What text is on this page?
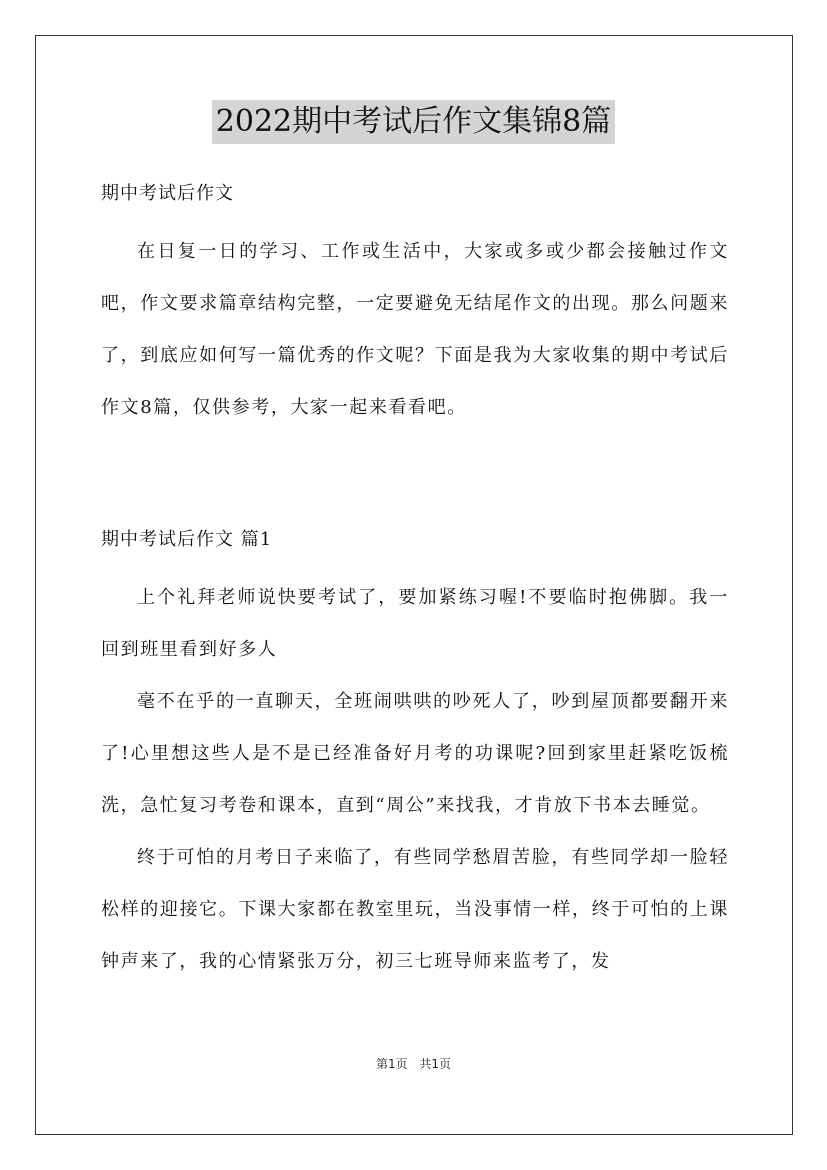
2022期中考试后作文集锦8篇

期中考试后作文

在日复一日的学习、工作或生活中，大家或多或少都会接触过作文吧，作文要求篇章结构完整，一定要避免无结尾作文的出现。那么问题来了，到底应如何写一篇优秀的作文呢？下面是我为大家收集的期中考试后作文8篇，仅供参考，大家一起来看看吧。

期中考试后作文 篇1

上个礼拜老师说快要考试了，要加紧练习喔!不要临时抱佛脚。我一回到班里看到好多人

毫不在乎的一直聊天，全班闹哄哄的吵死人了，吵到屋顶都要翻开来了!心里想这些人是不是已经准备好月考的功课呢?回到家里赶紧吃饭梳洗，急忙复习考卷和课本，直到“周公”来找我，才肯放下书本去睡觉。

终于可怕的月考日子来临了，有些同学愁眉苦脸，有些同学却一脸轻松样的迎接它。下课大家都在教室里玩，当没事情一样，终于可怕的上课钟声来了，我的心情紧张万分，初三七班导师来监考了，发

第1页 共1页
